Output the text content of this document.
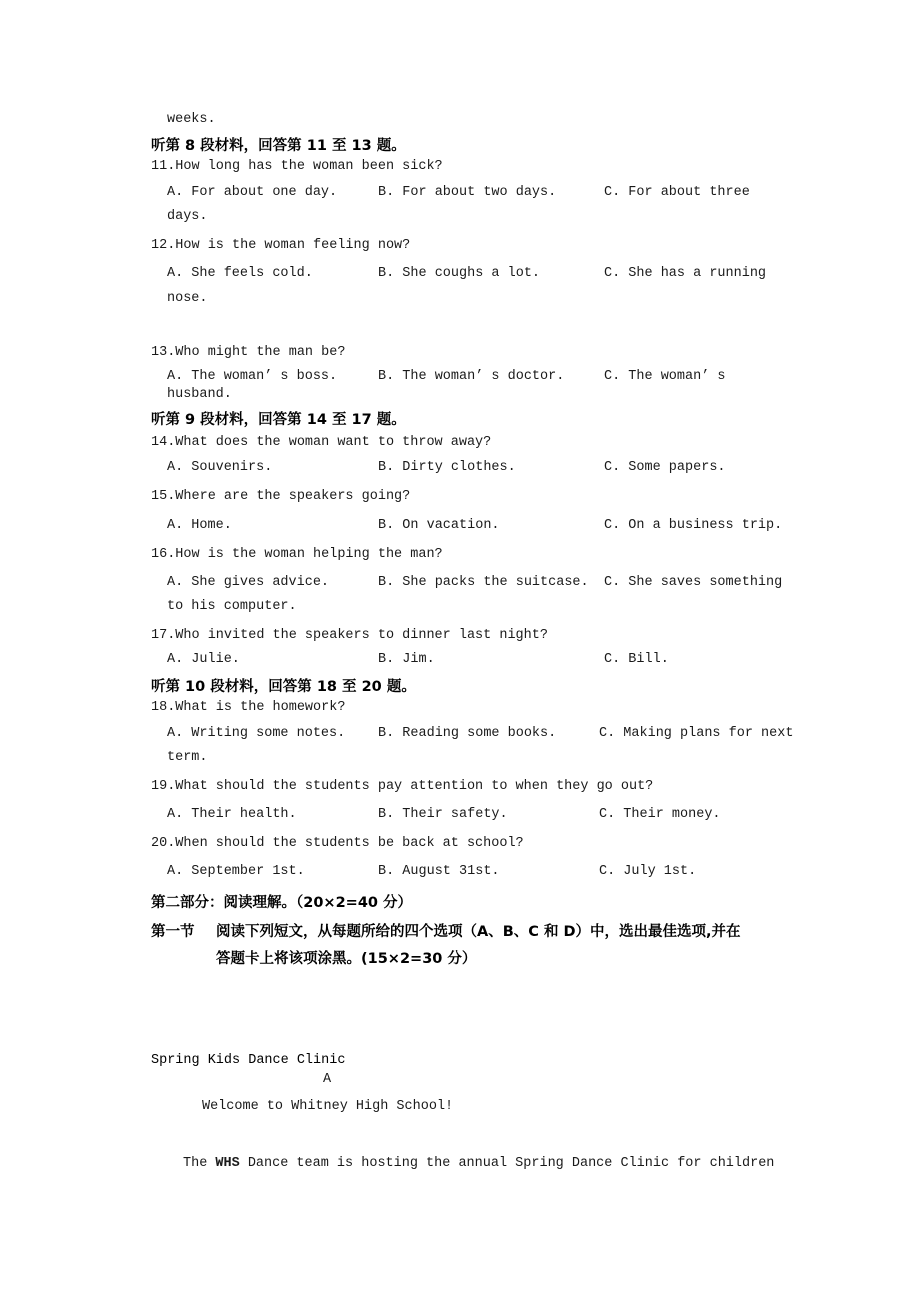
weeks.
听第 8 段材料，回答第 11 至 13 题。
11.How long has the woman been sick?
A. For about one day.	B. For about two days.	C. For about three
days.
12.How is the woman feeling now?
A. She feels cold.	B. She coughs a lot.	C. She has a running
nose.
13.Who might the man be?
A. The woman’ s boss.	B. The woman’ s doctor.	C. The woman’ s
husband.
听第 9 段材料，回答第 14 至 17 题。
14.What does the woman want to throw away?
A. Souvenirs.	B. Dirty clothes.	C. Some papers.
15.Where are the speakers going?
A. Home.	B. On vacation.	C. On a business trip.
16.How is the woman helping the man?
A. She gives advice.	B. She packs the suitcase. C. She saves something
to his computer.
17.Who invited the speakers to dinner last night?
A. Julie.	B. Jim.	C. Bill.
听第 10 段材料，回答第 18 至 20 题。
18.What is the homework?
A. Writing some notes. B. Reading some books.	C. Making plans for next
term.
19.What should the students pay attention to when they go out?
A. Their health.	B. Their safety.	C. Their money.
20.When should the students be back at school?
A. September 1st.	B. August 31st.	C. July 1st.
第二部分：阅读理解。（20×2=40 分）
第一节 阅读下列短文，从每题所给的四个选项（A、B、C 和 D）中，选出最佳选项,并在
答题卡上将该项涂黑。(15×2=30 分）
Spring Kids Dance Clinic
A
Welcome to Whitney High School!
The WHS Dance team is hosting the annual Spring Dance Clinic for children
